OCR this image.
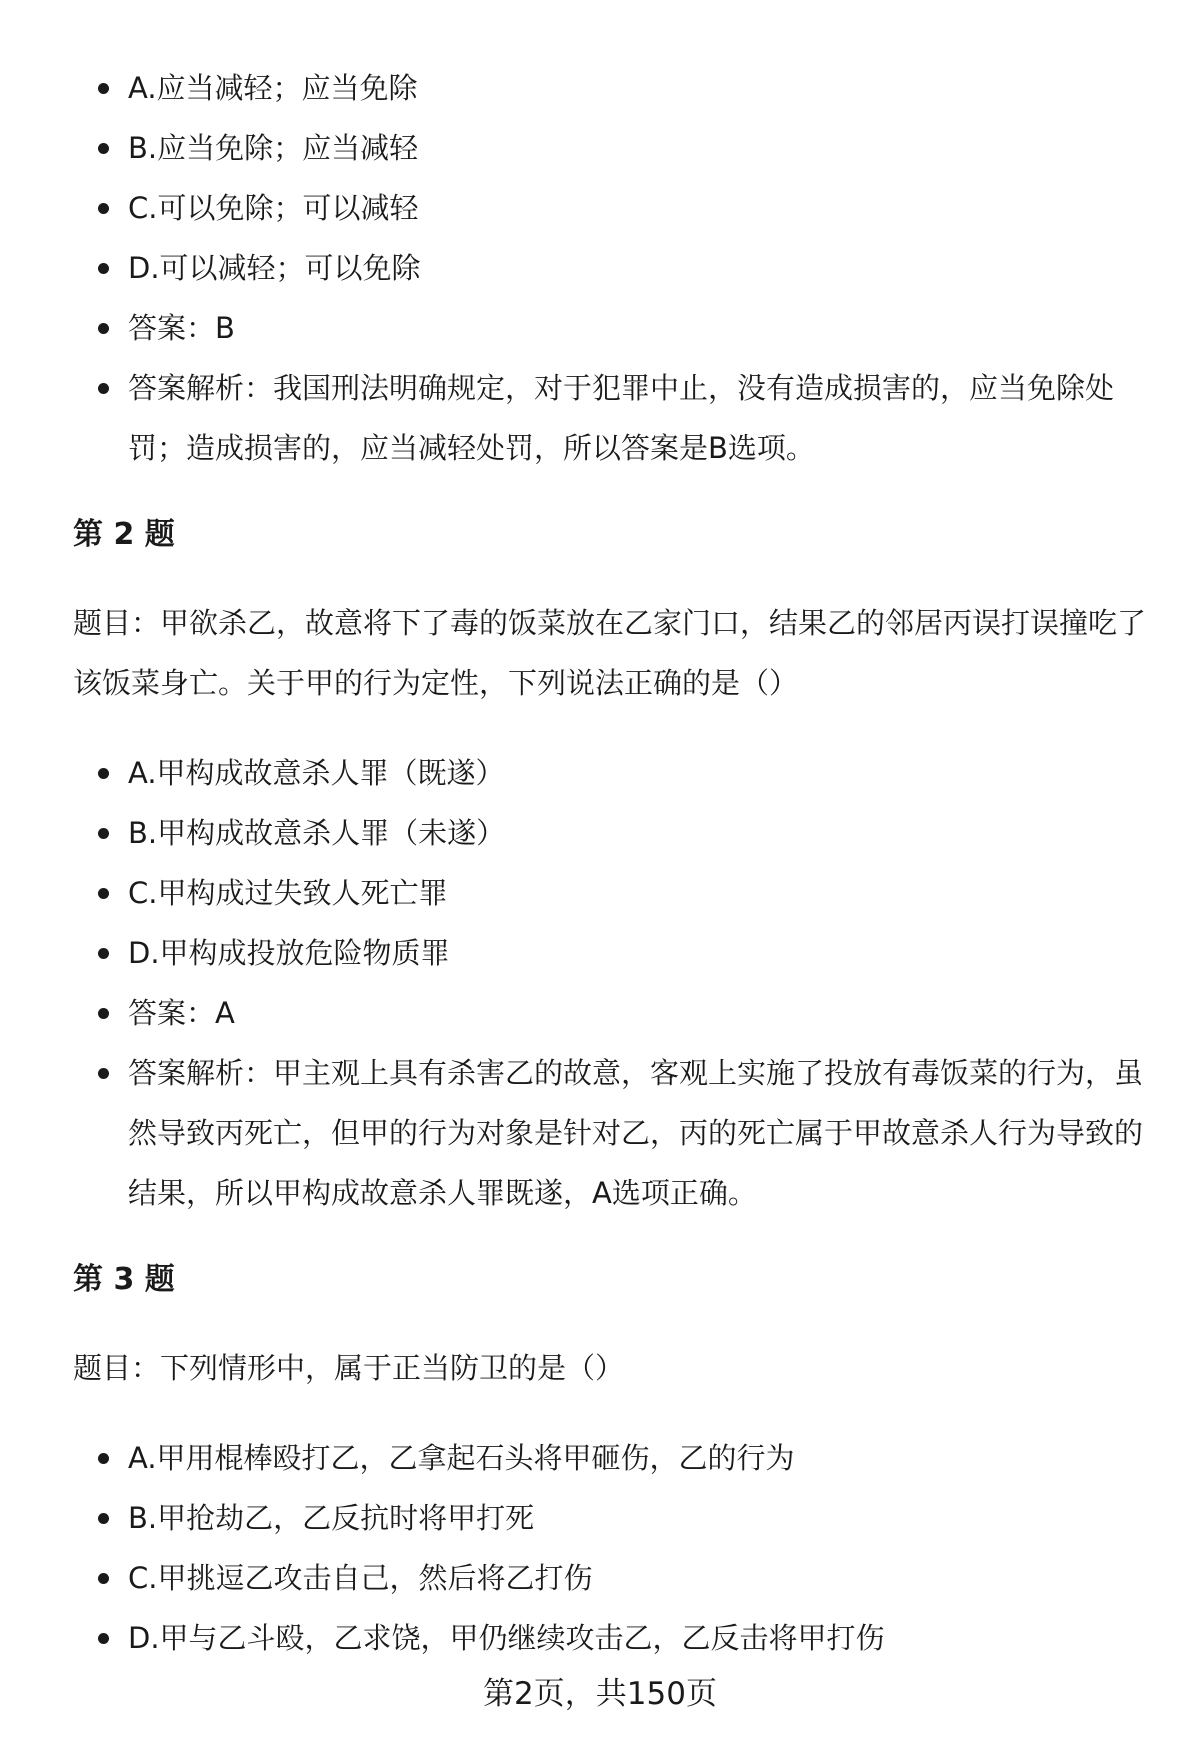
A.应当减轻；应当免除
B.应当免除；应当减轻
C.可以免除；可以减轻
D.可以减轻；可以免除
答案：B
答案解析：我国刑法明确规定，对于犯罪中止，没有造成损害的，应当免除处罚；造成损害的，应当减轻处罚，所以答案是B选项。
第 2 题

题目：甲欲杀乙，故意将下了毒的饭菜放在乙家门口，结果乙的邻居丙误打误撞吃了该饭菜身亡。关于甲的行为定性，下列说法正确的是（）

A.甲构成故意杀人罪（既遂）
B.甲构成故意杀人罪（未遂）
C.甲构成过失致人死亡罪
D.甲构成投放危险物质罪
答案：A
答案解析：甲主观上具有杀害乙的故意，客观上实施了投放有毒饭菜的行为，虽然导致丙死亡，但甲的行为对象是针对乙，丙的死亡属于甲故意杀人行为导致的结果，所以甲构成故意杀人罪既遂，A选项正确。
第 3 题

题目：下列情形中，属于正当防卫的是（）

A.甲用棍棒殴打乙，乙拿起石头将甲砸伤，乙的行为
B.甲抢劫乙，乙反抗时将甲打死
C.甲挑逗乙攻击自己，然后将乙打伤
D.甲与乙斗殴，乙求饶，甲仍继续攻击乙，乙反击将甲打伤
第2页，共150页
